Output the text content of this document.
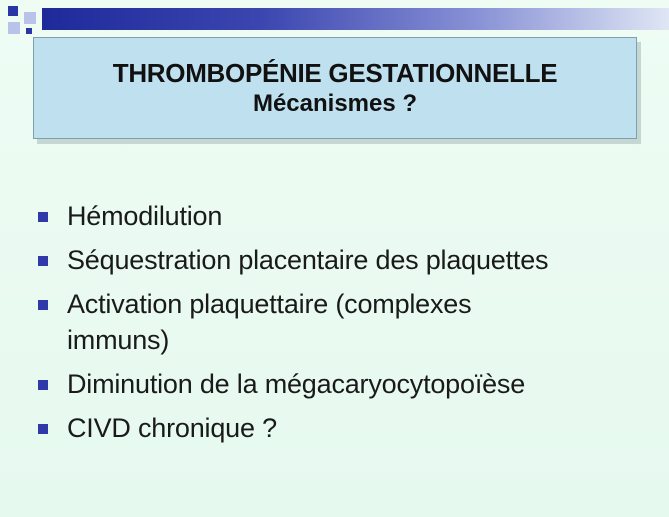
THROMBOPÉNIE GESTATIONNELLE
Mécanismes ?
Hémodilution
Séquestration placentaire des plaquettes
Activation plaquettaire (complexes immuns)
Diminution de la mégacaryocytopoïèse
CIVD chronique ?
